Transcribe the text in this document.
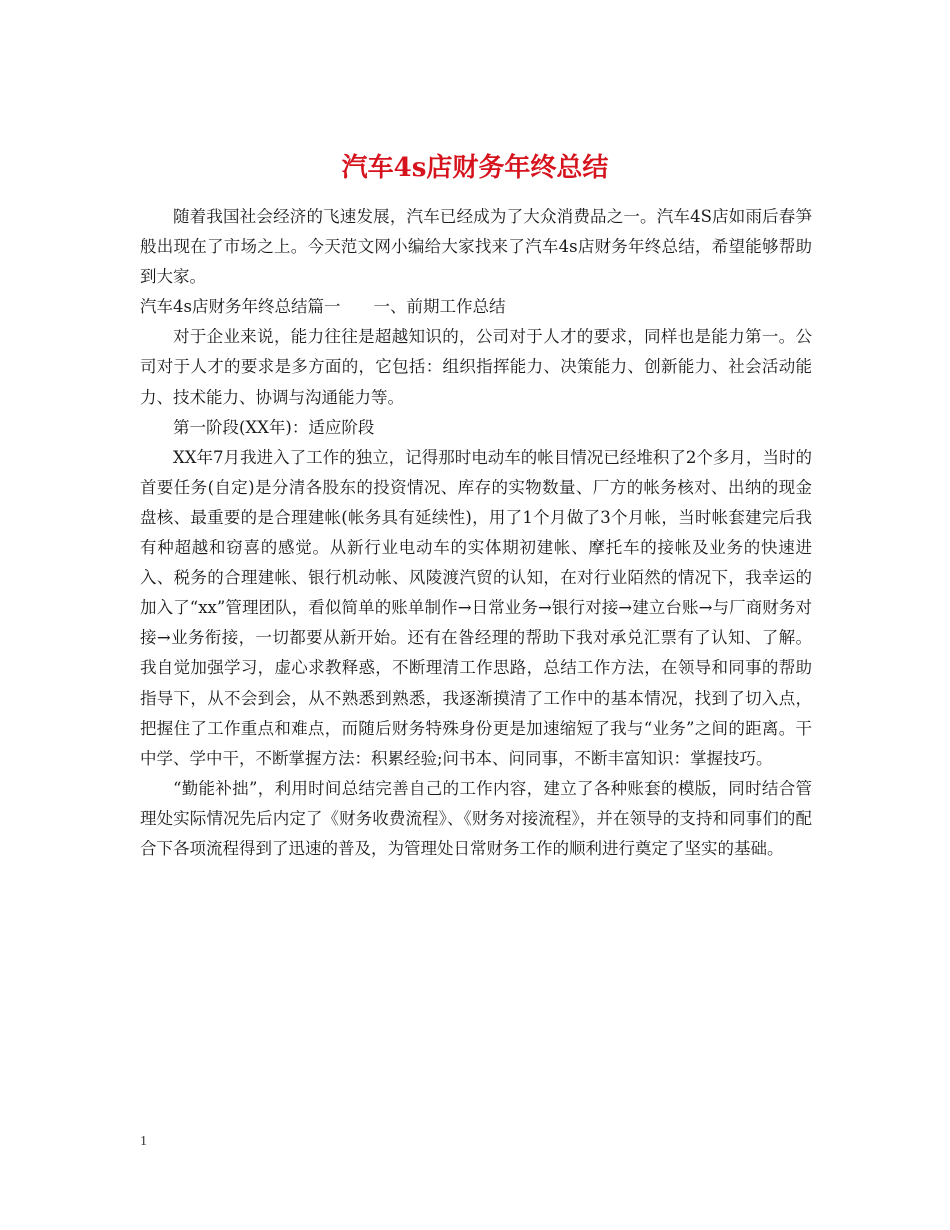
汽车4s店财务年终总结

随着我国社会经济的飞速发展，汽车已经成为了大众消费品之一。汽车4S店如雨后春笋般出现在了市场之上。今天范文网小编给大家找来了汽车4s店财务年终总结，希望能够帮助到大家。

汽车4s店财务年终总结篇一　　一、前期工作总结

对于企业来说，能力往往是超越知识的，公司对于人才的要求，同样也是能力第一。公司对于人才的要求是多方面的，它包括：组织指挥能力、决策能力、创新能力、社会活动能力、技术能力、协调与沟通能力等。

第一阶段(XX年)：适应阶段

XX年7月我进入了工作的独立，记得那时电动车的帐目情况已经堆积了2个多月，当时的首要任务(自定)是分清各股东的投资情况、库存的实物数量、厂方的帐务核对、出纳的现金盘核、最重要的是合理建帐(帐务具有延续性)，用了1个月做了3个月帐，当时帐套建完后我有种超越和窃喜的感觉。从新行业电动车的实体期初建帐、摩托车的接帐及业务的快速进入、税务的合理建帐、银行机动帐、风陵渡汽贸的认知，在对行业陌然的情况下，我幸运的加入了“xx”管理团队，看似简单的账单制作→日常业务→银行对接→建立台账→与厂商财务对接→业务衔接，一切都要从新开始。还有在昝经理的帮助下我对承兑汇票有了认知、了解。我自觉加强学习，虚心求教释惑，不断理清工作思路，总结工作方法，在领导和同事的帮助指导下，从不会到会，从不熟悉到熟悉，我逐渐摸清了工作中的基本情况，找到了切入点，把握住了工作重点和难点，而随后财务特殊身份更是加速缩短了我与“业务”之间的距离。干中学、学中干，不断掌握方法：积累经验;问书本、问同事，不断丰富知识：掌握技巧。

“勤能补拙”，利用时间总结完善自己的工作内容，建立了各种账套的模版，同时结合管理处实际情况先后内定了《财务收费流程》、《财务对接流程》，并在领导的支持和同事们的配合下各项流程得到了迅速的普及，为管理处日常财务工作的顺利进行奠定了坚实的基础。

1
